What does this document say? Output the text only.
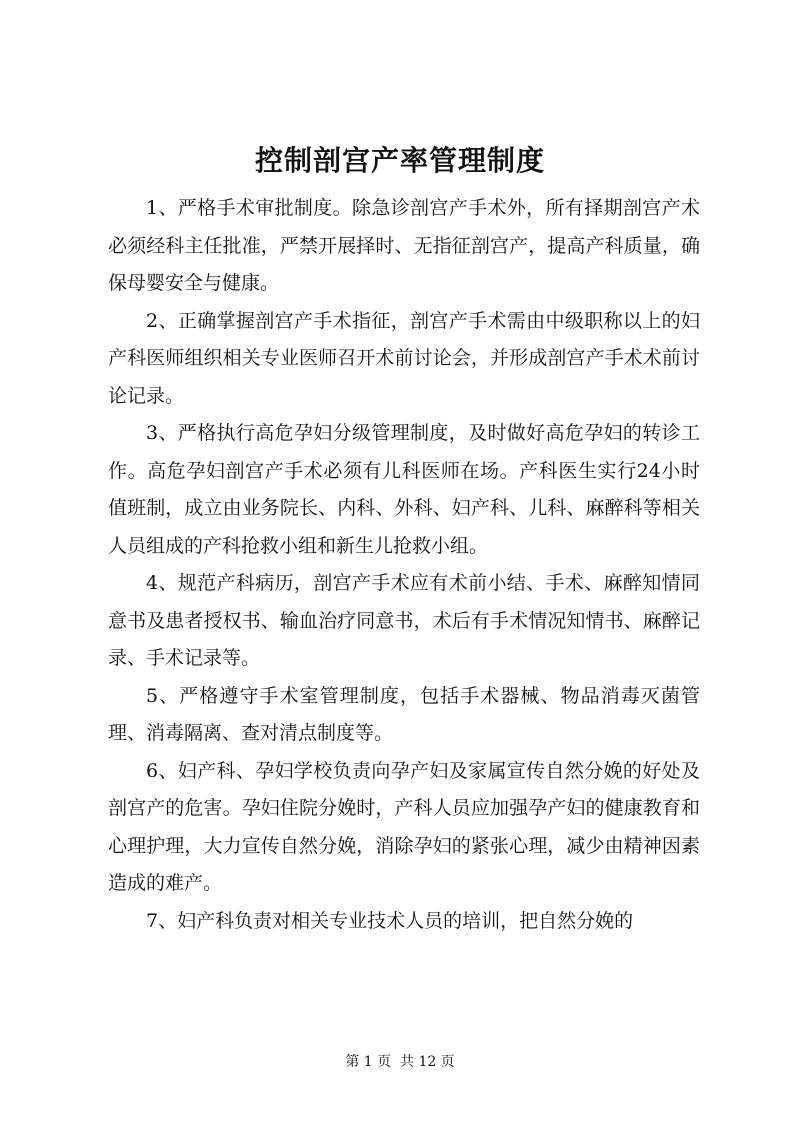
控制剖宫产率管理制度

1、严格手术审批制度。除急诊剖宫产手术外，所有择期剖宫产术必须经科主任批准，严禁开展择时、无指征剖宫产，提高产科质量，确保母婴安全与健康。

2、正确掌握剖宫产手术指征，剖宫产手术需由中级职称以上的妇产科医师组织相关专业医师召开术前讨论会，并形成剖宫产手术术前讨论记录。

3、严格执行高危孕妇分级管理制度，及时做好高危孕妇的转诊工作。高危孕妇剖宫产手术必须有儿科医师在场。产科医生实行24小时值班制，成立由业务院长、内科、外科、妇产科、儿科、麻醉科等相关人员组成的产科抢救小组和新生儿抢救小组。

4、规范产科病历，剖宫产手术应有术前小结、手术、麻醉知情同意书及患者授权书、输血治疗同意书，术后有手术情况知情书、麻醉记录、手术记录等。

5、严格遵守手术室管理制度，包括手术器械、物品消毒灭菌管理、消毒隔离、查对清点制度等。

6、妇产科、孕妇学校负责向孕产妇及家属宣传自然分娩的好处及剖宫产的危害。孕妇住院分娩时，产科人员应加强孕产妇的健康教育和心理护理，大力宣传自然分娩，消除孕妇的紧张心理，减少由精神因素造成的难产。

7、妇产科负责对相关专业技术人员的培训，把自然分娩的

第 1 页  共 12 页
